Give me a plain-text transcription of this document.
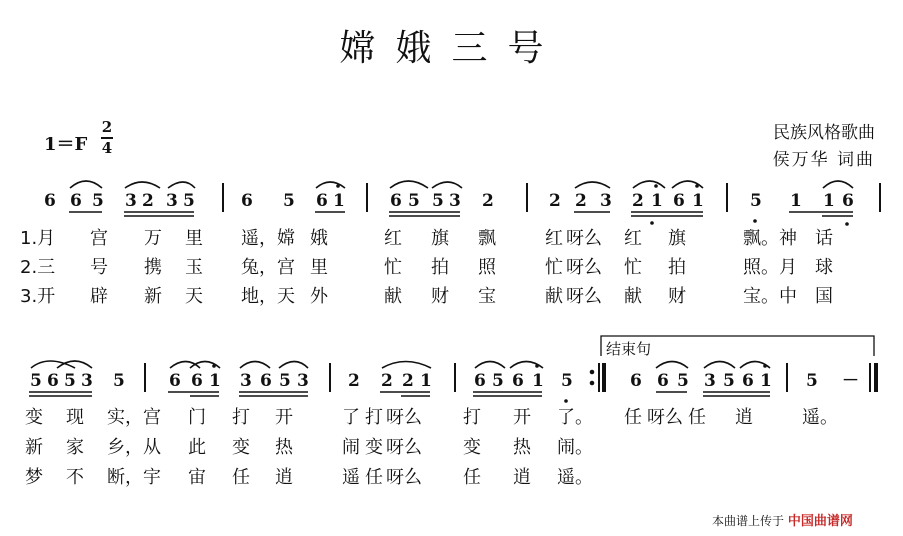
嫦娥三号
1＝F
2
4
民族风格歌曲
侯万华 词曲
6 6 5 3 2 3 5	6 5 6 1	6 5 5 3 2	2 2 3 2 1 6 1	5 1 1 6
1.月 宫 万 里 遥，嫦 娥	红 旗 飘	红 呀么 红 旗	飘。神 话
2.三 号 携 玉 兔，宫 里	忙 拍 照	忙 呀么 忙 拍	照。月 球
3.开 辟 新 天 地，天 外	献 财 宝	献 呀么 献 财	宝。中 国
结束句
5 6 5 3 5	6 6 1 3 6 5 3 2 2 2 1 6 5 6 1 5	6 6 5 3 5 6 1 5 －
变 现 实，宫 门 打 开	了 打 呀么 打 开 了。 任 呀么 任 逍	遥。
新 家 乡，从 此 变 热	闹 变 呀么 变 热 闹。
梦 不 断，宇 宙 任 逍	遥 任 呀么 任 逍 遥。
本曲谱上传于 中国曲谱网
